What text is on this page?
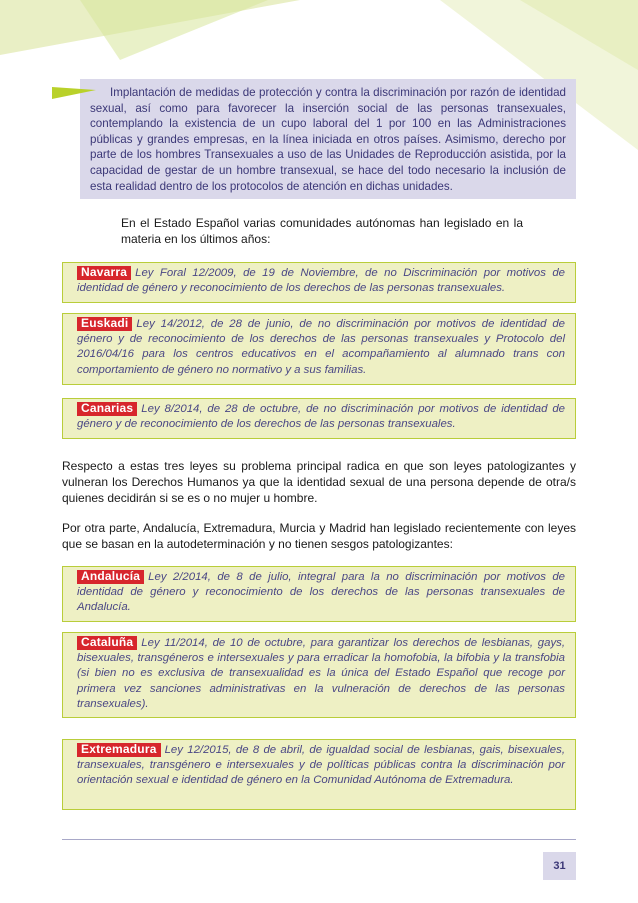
Implantación de medidas de protección y contra la discriminación por razón de identidad sexual, así como para favorecer la inserción social de las personas transexuales, contemplando la existencia de un cupo laboral del 1 por 100 en las Administraciones públicas y grandes empresas, en la línea iniciada en otros países. Asimismo, derecho por parte de los hombres Transexuales a uso de las Unidades de Reproducción asistida, por la capacidad de gestar de un hombre transexual, se hace del todo necesario la inclusión de esta realidad dentro de los protocolos de atención en dichas unidades.

En el Estado Español varias comunidades autónomas han legislado en la materia en los últimos años:

Navarra Ley Foral 12/2009, de 19 de Noviembre, de no Discriminación por motivos de identidad de género y reconocimiento de los derechos de las personas transexuales.

Euskadi Ley 14/2012, de 28 de junio, de no discriminación por motivos de identidad de género y de reconocimiento de los derechos de las personas transexuales y Protocolo del 2016/04/16 para los centros educativos en el acompañamiento al alumnado trans con comportamiento de género no normativo y a sus familias.

Canarias Ley 8/2014, de 28 de octubre, de no discriminación por motivos de identidad de género y de reconocimiento de los derechos de las personas transexuales.

Respecto a estas tres leyes su problema principal radica en que son leyes patologizantes y vulneran los Derechos Humanos ya que la identidad sexual de una persona depende de otra/s quienes decidirán si se es o no mujer u hombre.

Por otra parte, Andalucía, Extremadura, Murcia y Madrid han legislado recientemente con leyes que se basan en la autodeterminación y no tienen sesgos patologizantes:

Andalucía Ley 2/2014, de 8 de julio, integral para la no discriminación por motivos de identidad de género y reconocimiento de los derechos de las personas transexuales de Andalucía.

Cataluña Ley 11/2014, de 10 de octubre, para garantizar los derechos de lesbianas, gays, bisexuales, transgéneros e intersexuales y para erradicar la homofobia, la bifobia y la transfobia (si bien no es exclusiva de transexualidad es la única del Estado Español que recoge por primera vez sanciones administrativas en la vulneración de derechos de las personas transexuales).

Extremadura Ley 12/2015, de 8 de abril, de igualdad social de lesbianas, gais, bisexuales, transexuales, transgénero e intersexuales y de políticas públicas contra la discriminación por orientación sexual e identidad de género en la Comunidad Autónoma de Extremadura.

31
